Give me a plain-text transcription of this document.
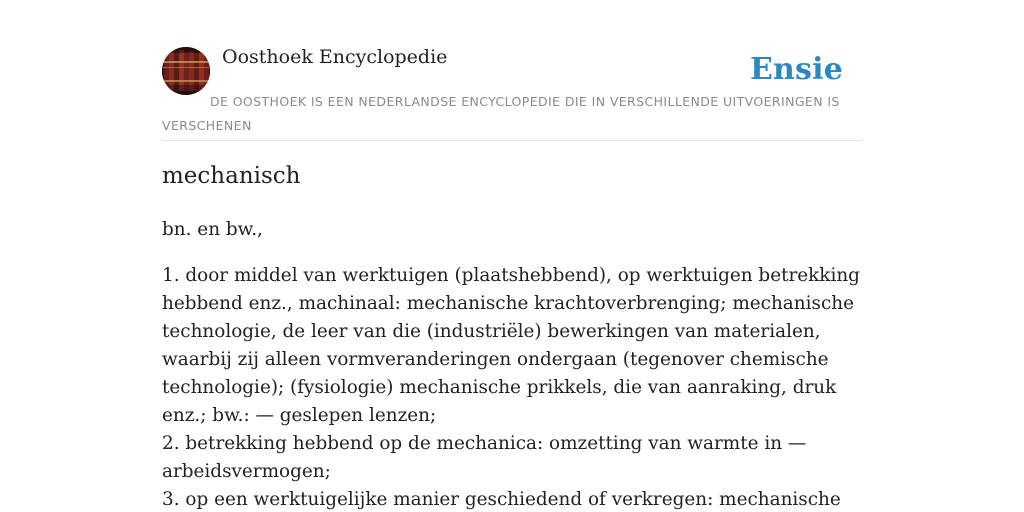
Oosthoek Encyclopedie	Ensie
DE OOSTHOEK IS EEN NEDERLANDSE ENCYCLOPEDIE DIE IN VERSCHILLENDE UITVOERINGEN IS VERSCHENEN
mechanisch

bn. en bw.,

1. door middel van werktuigen (plaatshebbend), op werktuigen betrekking hebbend enz., machinaal: mechanische krachtoverbrenging; mechanische technologie, de leer van die (industriële) bewerkingen van materialen, waarbij zij alleen vormveranderingen ondergaan (tegenover chemische technologie); (fysiologie) mechanische prikkels, die van aanraking, druk enz.; bw.: — geslepen lenzen;
2. betrekking hebbend op de mechanica: omzetting van warmte in — arbeidsvermogen;
3. op een werktuigelijke manier geschiedend of verkregen: mechanische
